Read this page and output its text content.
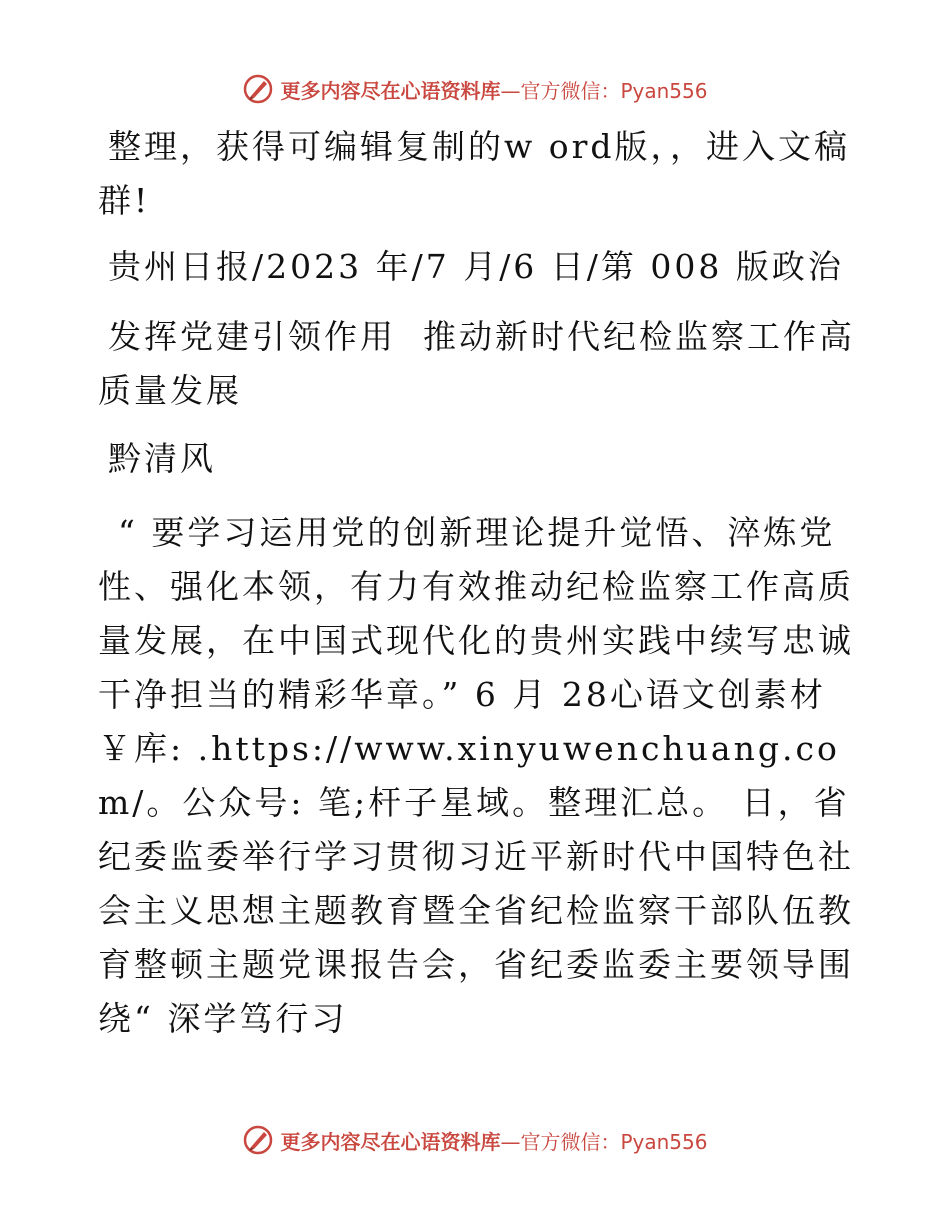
更多内容尽在心语资料库—官方微信：Pyan556

整理，获得可编辑复制的w ord版，，进入文稿群!

贵州日报/2023 年/7 月/6 日/第 008 版政治

发挥党建引领作用  推动新时代纪检监察工作高质量发展

黔清风

“ 要学习运用党的创新理论提升觉悟、淬炼党性、强化本领，有力有效推动纪检监察工作高质量发展，在中国式现代化的贵州实践中续写忠诚干净担当的精彩华章。” 6 月 28心语文创素材￥库: .https://www.xinyuwenchuang.com/。公众号: 笔;杆子星域。整理汇总。 日，省纪委监委举行学习贯彻习近平新时代中国特色社会主义思想主题教育暨全省纪检监察干部队伍教育整顿主题党课报告会，省纪委监委主要领导围绕“ 深学笃行习

更多内容尽在心语资料库—官方微信：Pyan556
